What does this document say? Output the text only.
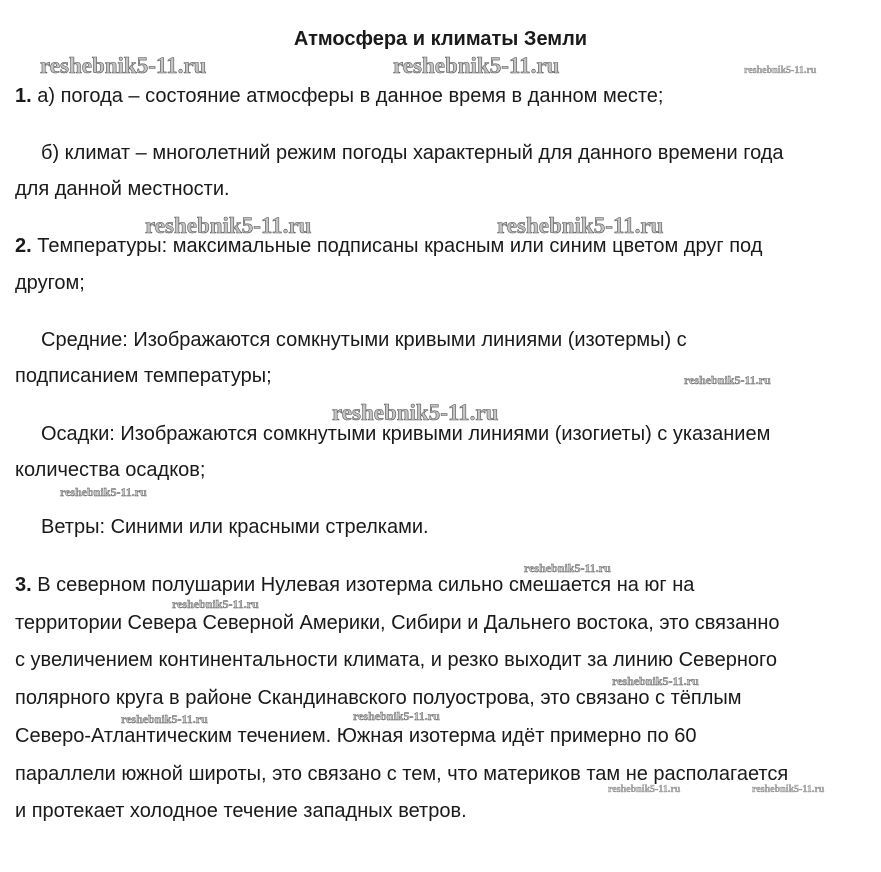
Атмосфера и климаты Земли

1. а) погода – состояние атмосферы в данное время в данном месте;

б) климат – многолетний режим погоды характерный для данного времени года

для данной местности.

2. Температуры: максимальные подписаны красным или синим цветом друг под

другом;

Средние: Изображаются сомкнутыми кривыми линиями (изотермы) с

подписанием температуры;

Осадки: Изображаются сомкнутыми кривыми линиями (изогиеты) с указанием

количества осадков;

Ветры: Синими или красными стрелками.

3. В северном полушарии Нулевая изотерма сильно смешается на юг на

территории Севера Северной Америки, Сибири и Дальнего востока, это связанно

с увеличением континентальности климата, и резко выходит за линию Северного

полярного круга в районе Скандинавского полуострова, это связано с тёплым

Северо-Атлантическим течением. Южная изотерма идёт примерно по 60

параллели южной широты, это связано с тем, что материков там не располагается

и протекает холодное течение западных ветров.

reshebnik5-11.ru	reshebnik5-11.ru	reshebnik5-11.ru
reshebnik5-11.ru	reshebnik5-11.ru
reshebnik5-11.ru
reshebnik5-11.ru
reshebnik5-11.ru
reshebnik5-11.ru
reshebnik5-11.ru
reshebnik5-11.ru
reshebnik5-11.ru	reshebnik5-11.ru
reshebnik5-11.ru	reshebnik5-11.ru
